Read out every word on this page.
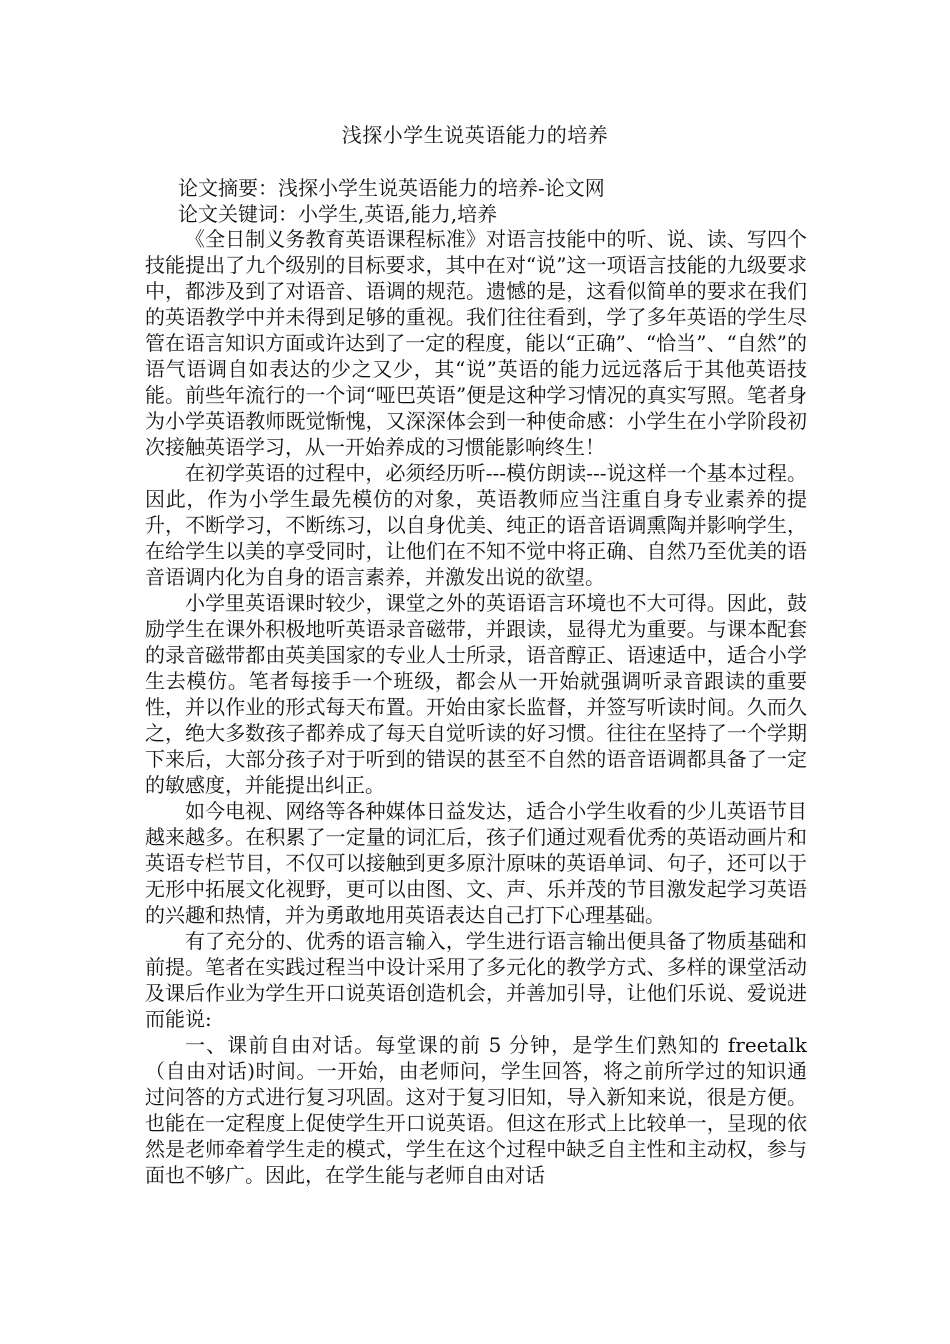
浅探小学生说英语能力的培养
论文摘要：浅探小学生说英语能力的培养-论文网
论文关键词：小学生,英语,能力,培养

《全日制义务教育英语课程标准》对语言技能中的听、说、读、写四个技能提出了九个级别的目标要求，其中在对“说”这一项语言技能的九级要求中，都涉及到了对语音、语调的规范。遗憾的是，这看似简单的要求在我们的英语教学中并未得到足够的重视。我们往往看到，学了多年英语的学生尽管在语言知识方面或许达到了一定的程度，能以“正确”、“恰当”、“自然”的语气语调自如表达的少之又少，其“说”英语的能力远远落后于其他英语技能。前些年流行的一个词“哑巴英语”便是这种学习情况的真实写照。笔者身为小学英语教师既觉惭愧，又深深体会到一种使命感：小学生在小学阶段初次接触英语学习，从一开始养成的习惯能影响终生！

在初学英语的过程中，必须经历听---模仿朗读---说这样一个基本过程。因此，作为小学生最先模仿的对象，英语教师应当注重自身专业素养的提升，不断学习，不断练习，以自身优美、纯正的语音语调熏陶并影响学生，在给学生以美的享受同时，让他们在不知不觉中将正确、自然乃至优美的语音语调内化为自身的语言素养，并激发出说的欲望。

小学里英语课时较少，课堂之外的英语语言环境也不大可得。因此，鼓励学生在课外积极地听英语录音磁带，并跟读，显得尤为重要。与课本配套的录音磁带都由英美国家的专业人士所录，语音醇正、语速适中，适合小学生去模仿。笔者每接手一个班级，都会从一开始就强调听录音跟读的重要性，并以作业的形式每天布置。开始由家长监督，并签写听读时间。久而久之，绝大多数孩子都养成了每天自觉听读的好习惯。往往在坚持了一个学期下来后，大部分孩子对于听到的错误的甚至不自然的语音语调都具备了一定的敏感度，并能提出纠正。

如今电视、网络等各种媒体日益发达，适合小学生收看的少儿英语节目越来越多。在积累了一定量的词汇后，孩子们通过观看优秀的英语动画片和英语专栏节目，不仅可以接触到更多原汁原味的英语单词、句子，还可以于无形中拓展文化视野，更可以由图、文、声、乐并茂的节目激发起学习英语的兴趣和热情，并为勇敢地用英语表达自己打下心理基础。

有了充分的、优秀的语言输入，学生进行语言输出便具备了物质基础和前提。笔者在实践过程当中设计采用了多元化的教学方式、多样的课堂活动及课后作业为学生开口说英语创造机会，并善加引导，让他们乐说、爱说进而能说:

一、课前自由对话。每堂课的前 5 分钟，是学生们熟知的 freetalk（自由对话)时间。一开始，由老师问，学生回答，将之前所学过的知识通过问答的方式进行复习巩固。这对于复习旧知，导入新知来说，很是方便。也能在一定程度上促使学生开口说英语。但这在形式上比较单一，呈现的依然是老师牵着学生走的模式，学生在这个过程中缺乏自主性和主动权，参与面也不够广。因此，在学生能与老师自由对话
